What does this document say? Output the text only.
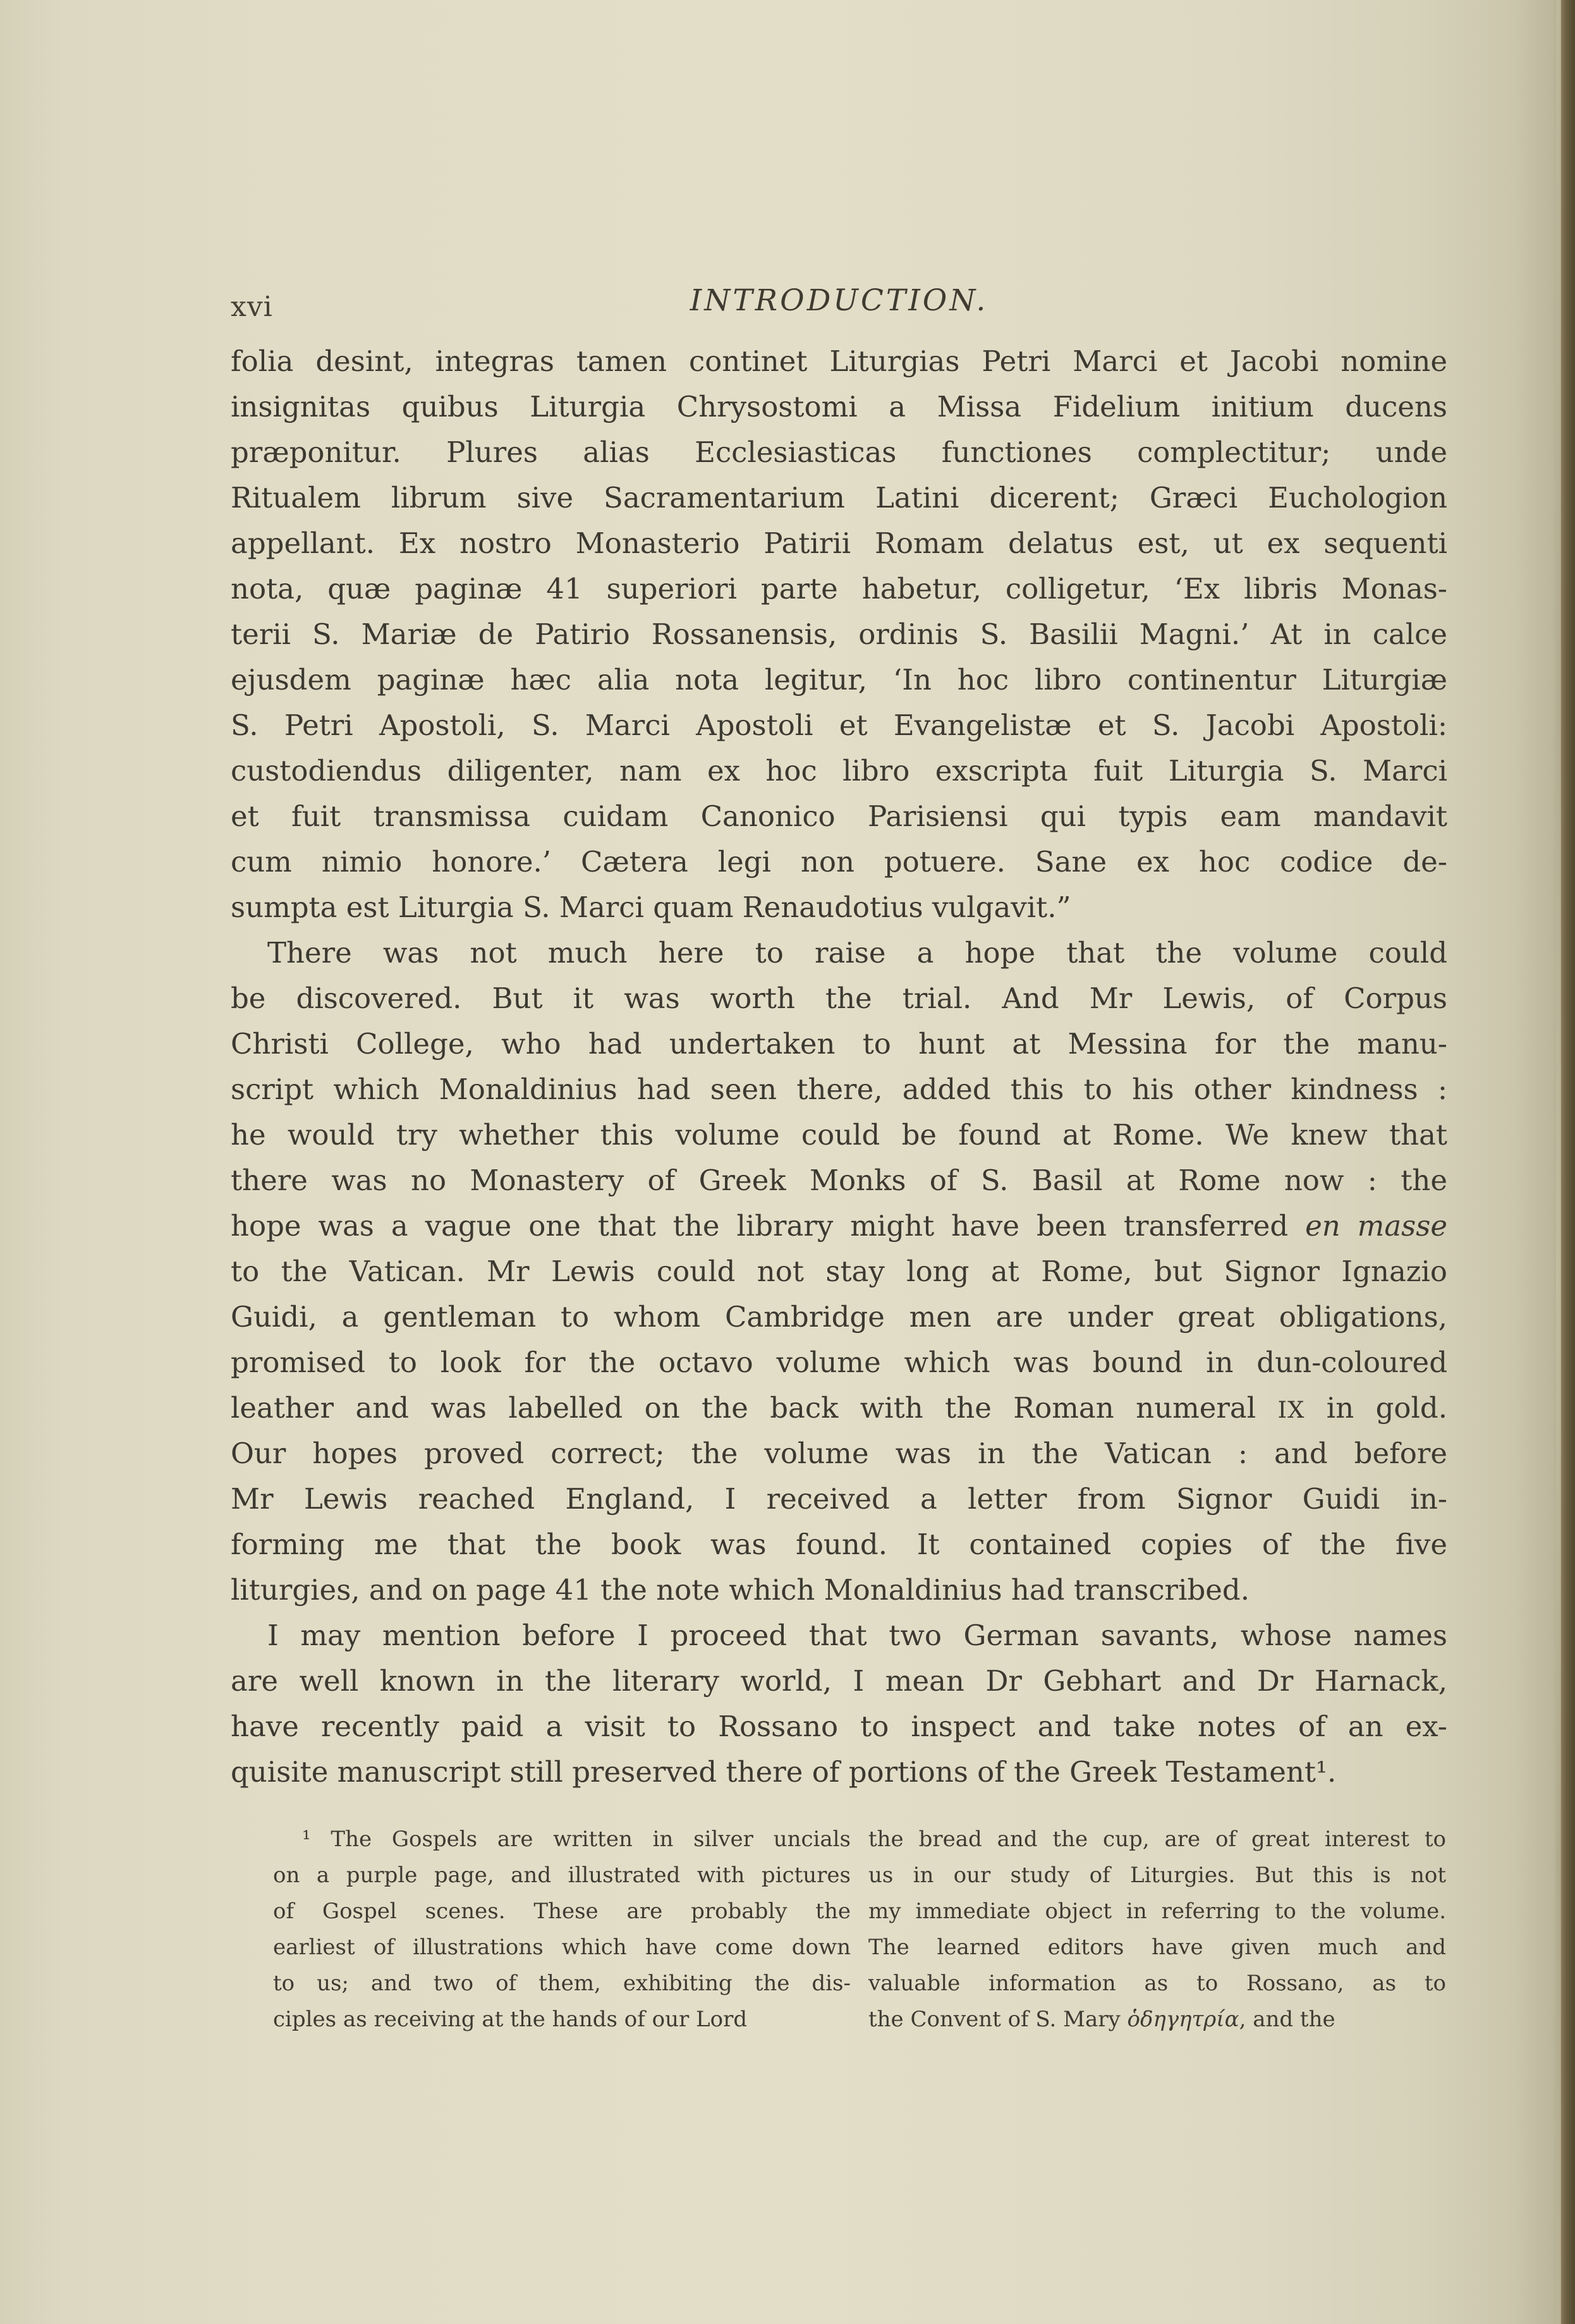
xvi	INTRODUCTION.
folia desint, integras tamen continet Liturgias Petri Marci et Jacobi nomine
insignitas quibus Liturgia Chrysostomi a Missa Fidelium initium ducens
præponitur. Plures alias Ecclesiasticas functiones complectitur; unde
Ritualem librum sive Sacramentarium Latini dicerent; Græci Euchologion
appellant. Ex nostro Monasterio Patirii Romam delatus est, ut ex sequenti
nota, quæ paginæ 41 superiori parte habetur, colligetur, ‘Ex libris Monas-
terii S. Mariæ de Patirio Rossanensis, ordinis S. Basilii Magni.’ At in calce
ejusdem paginæ hæc alia nota legitur, ‘In hoc libro continentur Liturgiæ
S. Petri Apostoli, S. Marci Apostoli et Evangelistæ et S. Jacobi Apostoli:
custodiendus diligenter, nam ex hoc libro exscripta fuit Liturgia S. Marci
et fuit transmissa cuidam Canonico Parisiensi qui typis eam mandavit
cum nimio honore.’ Cætera legi non potuere. Sane ex hoc codice de-
sumpta est Liturgia S. Marci quam Renaudotius vulgavit.”
There was not much here to raise a hope that the volume could
be discovered. But it was worth the trial. And Mr Lewis, of Corpus
Christi College, who had undertaken to hunt at Messina for the manu-
script which Monaldinius had seen there, added this to his other kindness :
he would try whether this volume could be found at Rome. We knew that
there was no Monastery of Greek Monks of S. Basil at Rome now : the
hope was a vague one that the library might have been transferred en masse
to the Vatican. Mr Lewis could not stay long at Rome, but Signor Ignazio
Guidi, a gentleman to whom Cambridge men are under great obligations,
promised to look for the octavo volume which was bound in dun-coloured
leather and was labelled on the back with the Roman numeral IX in gold.
Our hopes proved correct; the volume was in the Vatican : and before
Mr Lewis reached England, I received a letter from Signor Guidi in-
forming me that the book was found. It contained copies of the five
liturgies, and on page 41 the note which Monaldinius had transcribed.
I may mention before I proceed that two German savants, whose names
are well known in the literary world, I mean Dr Gebhart and Dr Harnack,
have recently paid a visit to Rossano to inspect and take notes of an ex-
quisite manuscript still preserved there of portions of the Greek Testament¹.
¹ The Gospels are written in silver uncials
on a purple page, and illustrated with pictures
of Gospel scenes. These are probably the
earliest of illustrations which have come down
to us; and two of them, exhibiting the dis-
ciples as receiving at the hands of our Lord
the bread and the cup, are of great interest to
us in our study of Liturgies. But this is not
my immediate object in referring to the volume.
The learned editors have given much and
valuable information as to Rossano, as to
the Convent of S. Mary ὁδηγητρία, and the
